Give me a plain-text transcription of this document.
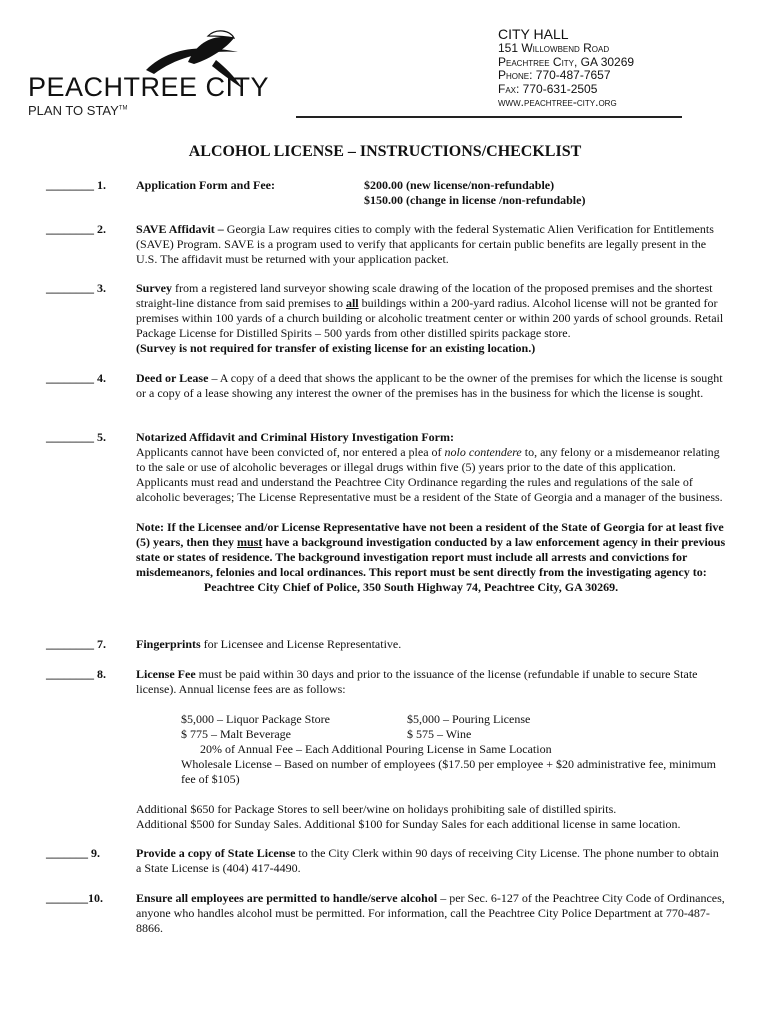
PEACHTREE CITY
PLAN TO STAY™
CITY HALL
151 Willowbend Road
Peachtree City, GA 30269
Phone: 770-487-7657
Fax: 770-631-2505
www.peachtree-city.org
ALCOHOL LICENSE – INSTRUCTIONS/CHECKLIST
________ 1.	Application Form and Fee:	$200.00 (new license/non-refundable)

$150.00 (change in license /non-refundable)

________ 2.	SAVE Affidavit – Georgia Law requires cities to comply with the federal Systematic Alien Verification for Entitlements (SAVE) Program. SAVE is a program used to verify that applicants for certain public benefits are legally present in the U.S. The affidavit must be returned with your application packet.

________ 3.	Survey from a registered land surveyor showing scale drawing of the location of the proposed premises and the shortest straight-line distance from said premises to all buildings within a 200-yard radius. Alcohol license will not be granted for premises within 100 yards of a church building or alcoholic treatment center or within 200 yards of school grounds. Retail Package License for Distilled Spirits – 500 yards from other distilled spirits package store.

(Survey is not required for transfer of existing license for an existing location.)

________ 4.	Deed or Lease – A copy of a deed that shows the applicant to be the owner of the premises for which the license is sought or a copy of a lease showing any interest the owner of the premises has in the business for which the license is sought.

________ 5.	Notarized Affidavit and Criminal History Investigation Form:

Applicants cannot have been convicted of, nor entered a plea of nolo contendere to, any felony or a misdemeanor relating to the sale or use of alcoholic beverages or illegal drugs within five (5) years prior to the date of this application. Applicants must read and understand the Peachtree City Ordinance regarding the rules and regulations of the sale of alcoholic beverages; The License Representative must be a resident of the State of Georgia and a manager of the business.

Note: If the Licensee and/or License Representative have not been a resident of the State of Georgia for at least five (5) years, then they must have a background investigation conducted by a law enforcement agency in their previous state or states of residence. The background investigation report must include all arrests and convictions for misdemeanors, felonies and local ordinances. This report must be sent directly from the investigating agency to:

Peachtree City Chief of Police, 350 South Highway 74, Peachtree City, GA 30269.

________ 7.	Fingerprints for Licensee and License Representative.

________ 8.	License Fee must be paid within 30 days and prior to the issuance of the license (refundable if unable to secure State license). Annual license fees are as follows:

$5,000 – Liquor Package Store	$5,000 – Pouring License

$ 775 – Malt Beverage	$ 575 – Wine

20% of Annual Fee – Each Additional Pouring License in Same Location

Wholesale License – Based on number of employees ($17.50 per employee + $20 administrative fee, minimum fee of $105)

Additional $650 for Package Stores to sell beer/wine on holidays prohibiting sale of distilled spirits.

Additional $500 for Sunday Sales. Additional $100 for Sunday Sales for each additional license in same location.

_______ 9.	Provide a copy of State License to the City Clerk within 90 days of receiving City License. The phone number to obtain a State License is (404) 417-4490.

_______10.	Ensure all employees are permitted to handle/serve alcohol – per Sec. 6-127 of the Peachtree City Code of Ordinances, anyone who handles alcohol must be permitted. For information, call the Peachtree City Police Department at 770-487-8866.
